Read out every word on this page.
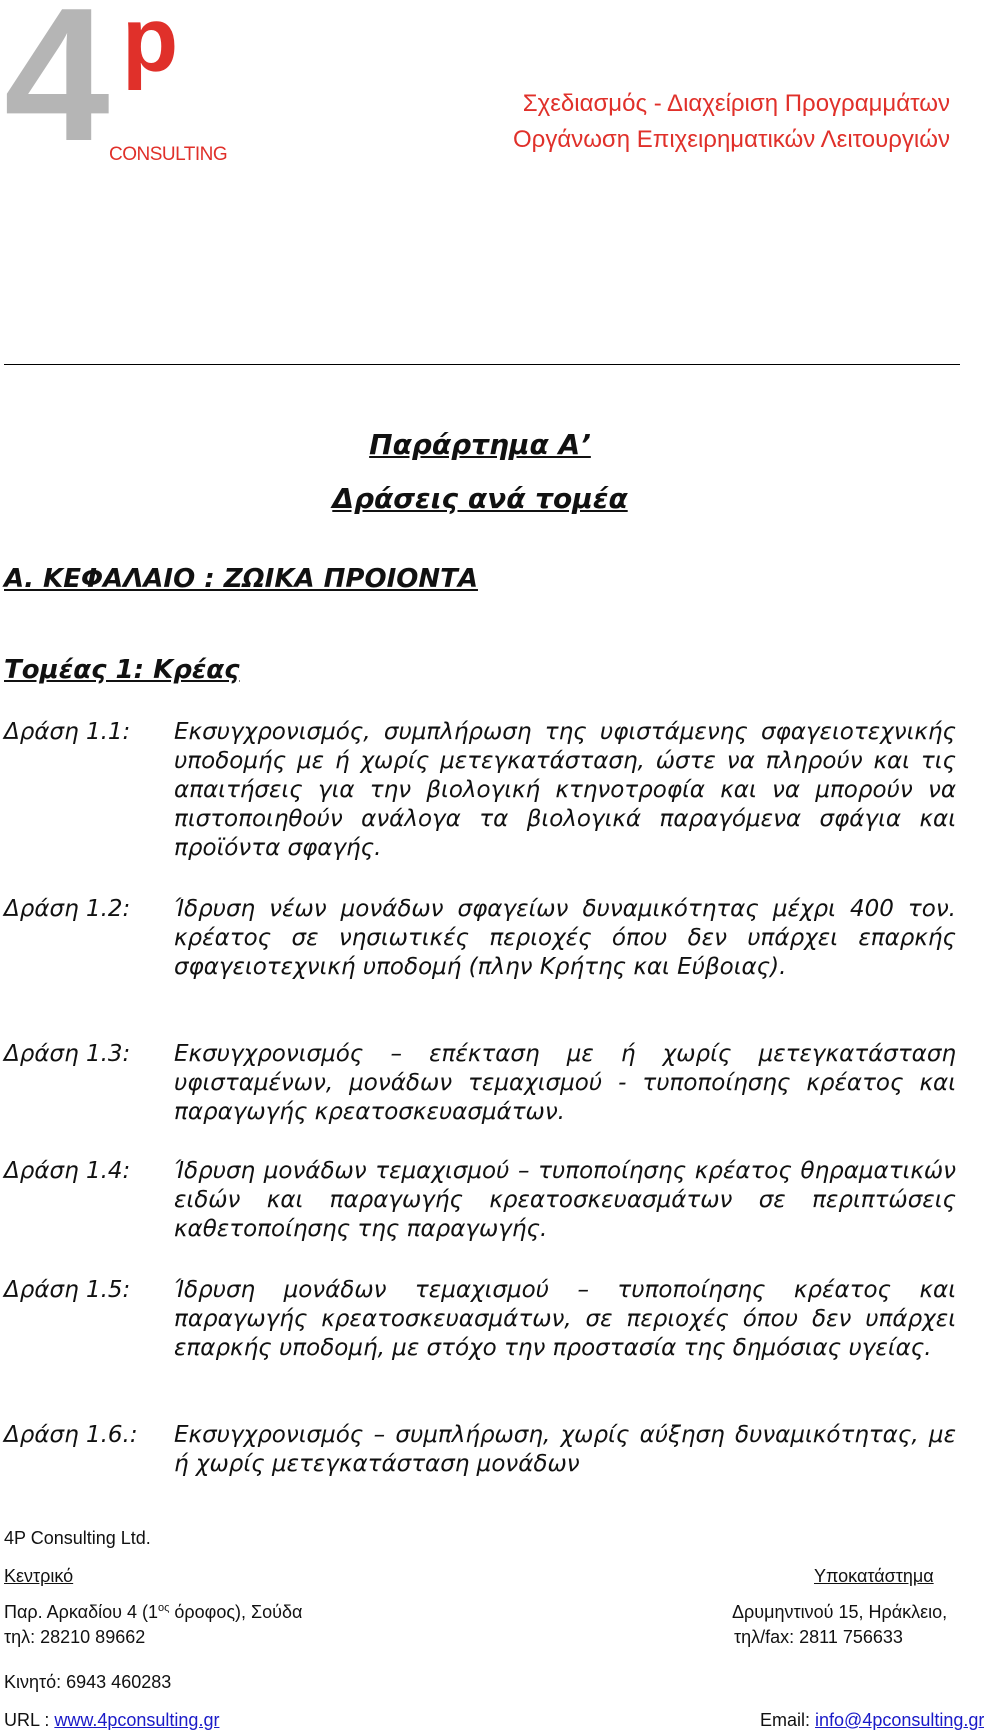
4 p
CONSULTING
Σχεδιασμός - Διαχείριση Προγραμμάτων
Οργάνωση Επιχειρηματικών Λειτουργιών
Παράρτημα Α’
Δράσεις ανά τομέα
Α. ΚΕΦΑΛΑΙΟ : ΖΩΙΚΑ ΠΡΟΙΟΝΤΑ
Τομέας 1: Κρέας
Δράση 1.1:	Εκσυγχρονισμός, συμπλήρωση της υφιστάμενης σφαγειοτεχνικής υποδομής με ή χωρίς μετεγκατάσταση, ώστε να πληρούν και τις απαιτήσεις για την βιολογική κτηνοτροφία και να μπορούν να πιστοποιηθούν ανάλογα τα βιολογικά παραγόμενα σφάγια και προϊόντα σφαγής.
Δράση 1.2:	Ίδρυση νέων μονάδων σφαγείων δυναμικότητας μέχρι 400 τον. κρέατος σε νησιωτικές περιοχές όπου δεν υπάρχει επαρκής σφαγειοτεχνική υποδομή (πλην Κρήτης και Εύβοιας).
Δράση 1.3:	Εκσυγχρονισμός – επέκταση με ή χωρίς μετεγκατάσταση υφισταμένων, μονάδων τεμαχισμού - τυποποίησης κρέατος και παραγωγής κρεατοσκευασμάτων.
Δράση 1.4:	Ίδρυση μονάδων τεμαχισμού – τυποποίησης κρέατος θηραματικών ειδών και παραγωγής κρεατοσκευασμάτων σε περιπτώσεις καθετοποίησης της παραγωγής.
Δράση 1.5:	Ίδρυση μονάδων τεμαχισμού – τυποποίησης κρέατος και παραγωγής κρεατοσκευασμάτων, σε περιοχές όπου δεν υπάρχει επαρκής υποδομή, με στόχο την προστασία της δημόσιας υγείας.
Δράση 1.6.:	Εκσυγχρονισμός – συμπλήρωση, χωρίς αύξηση δυναμικότητας, με ή χωρίς μετεγκατάσταση μονάδων
4P Consulting Ltd.
Κεντρικό	Υποκατάστημα
Παρ. Αρκαδίου 4 ($1^{o\varsigma}$ όροφος), Σούδα	Δρυμηντινού 15, Ηράκλειο,
τηλ: 28210 89662	τηλ/fax: 2811 756633
Κινητό: 6943 460283
URL : www.4pconsulting.gr	Email: info@4pconsulting.gr
